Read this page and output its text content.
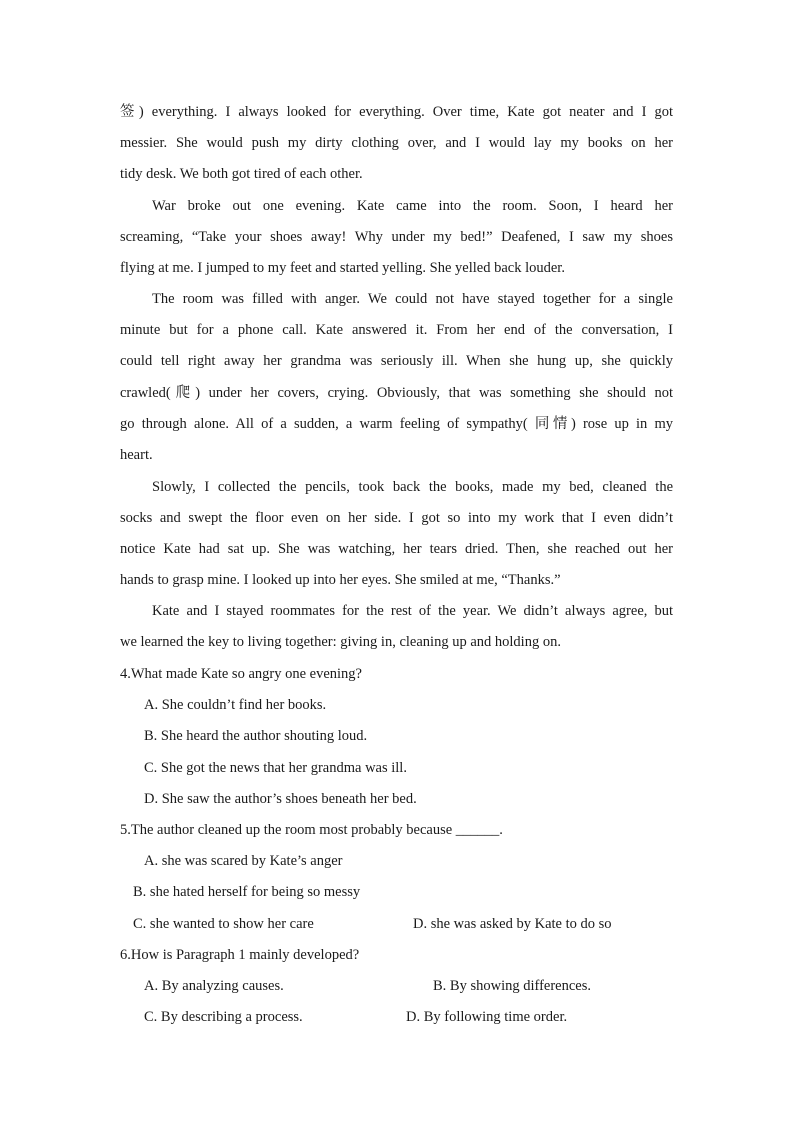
签) everything. I always looked for everything. Over time, Kate got neater and I got
messier. She would push my dirty clothing over, and I would lay my books on her
tidy desk. We both got tired of each other.
War broke out one evening. Kate came into the room. Soon, I heard her
screaming, “Take your shoes away! Why under my bed!” Deafened, I saw my shoes
flying at me. I jumped to my feet and started yelling. She yelled back louder.
The room was filled with anger. We could not have stayed together for a single
minute but for a phone call. Kate answered it. From her end of the conversation, I
could tell right away her grandma was seriously ill. When she hung up, she quickly
crawled(爬) under her covers, crying. Obviously, that was something she should not
go through alone. All of a sudden, a warm feeling of sympathy( 同情) rose up in my
heart.
Slowly, I collected the pencils, took back the books, made my bed, cleaned the
socks and swept the floor even on her side. I got so into my work that I even didn’t
notice Kate had sat up. She was watching, her tears dried. Then, she reached out her
hands to grasp mine. I looked up into her eyes. She smiled at me, “Thanks.”
Kate and I stayed roommates for the rest of the year. We didn’t always agree, but
we learned the key to living together: giving in, cleaning up and holding on.
4.What made Kate so angry one evening?
A. She couldn’t find her books.
B. She heard the author shouting loud.
C. She got the news that her grandma was ill.
D. She saw the author’s shoes beneath her bed.
5.The author cleaned up the room most probably because ______.
A. she was scared by Kate’s anger
B. she hated herself for being so messy
C. she wanted to show her care	D. she was asked by Kate to do so
6.How is Paragraph 1 mainly developed?
A. By analyzing causes.	B. By showing differences.
C. By describing a process.	D. By following time order.
